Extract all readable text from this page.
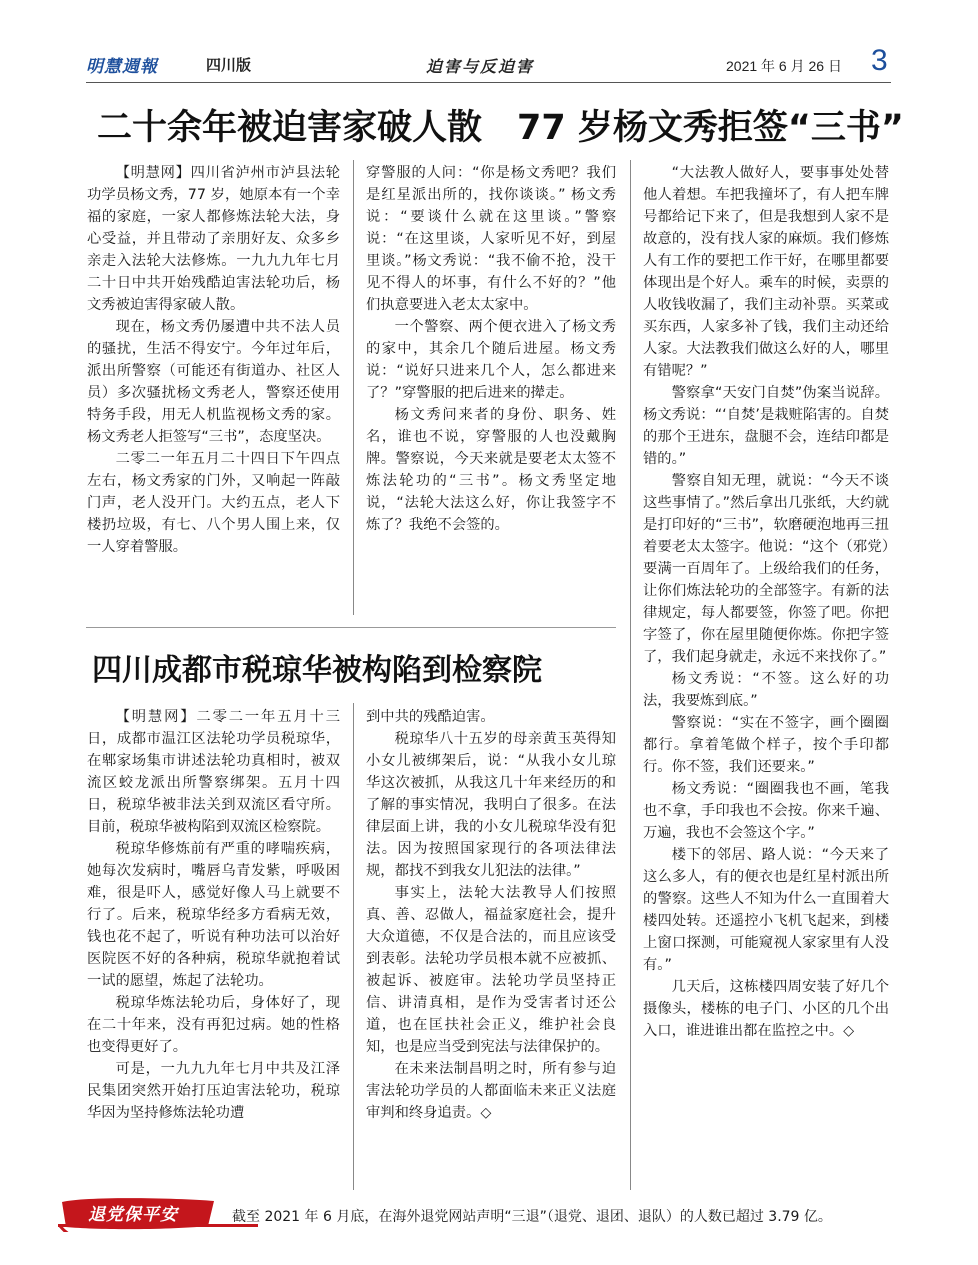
明慧週報	四川版	迫害与反迫害	2021 年 6 月 26 日 3
二十余年被迫害家破人散　77 岁杨文秀拒签“三书”

【明慧网】四川省泸州市泸县法轮功学员杨文秀，77 岁，她原本有一个幸福的家庭，一家人都修炼法轮大法，身心受益，并且带动了亲朋好友、众多乡亲走入法轮大法修炼。一九九九年七月二十日中共开始残酷迫害法轮功后，杨文秀被迫害得家破人散。

现在，杨文秀仍屡遭中共不法人员的骚扰，生活不得安宁。今年过年后，派出所警察（可能还有街道办、社区人员）多次骚扰杨文秀老人，警察还使用特务手段，用无人机监视杨文秀的家。杨文秀老人拒签写“三书”，态度坚决。

二零二一年五月二十四日下午四点左右，杨文秀家的门外，又响起一阵敲门声，老人没开门。大约五点，老人下楼扔垃圾，有七、八个男人围上来，仅一人穿着警服。

穿警服的人问：“你是杨文秀吧？我们是红星派出所的，找你谈谈。” 杨文秀说：“要谈什么就在这里谈。”警察说：“在这里谈，人家听见不好，到屋里谈。”杨文秀说：“我不偷不抢，没干见不得人的坏事，有什么不好的？”他们执意要进入老太太家中。

一个警察、两个便衣进入了杨文秀的家中，其余几个随后进屋。杨文秀说：“说好只进来几个人，怎么都进来了？”穿警服的把后进来的撵走。

杨文秀问来者的身份、职务、姓名，谁也不说，穿警服的人也没戴胸牌。警察说，今天来就是要老太太签不炼法轮功的“三书”。杨文秀坚定地说，“法轮大法这么好，你让我签字不炼了？我绝不会签的。

“大法教人做好人，要事事处处替他人着想。车把我撞坏了，有人把车牌号都给记下来了，但是我想到人家不是故意的，没有找人家的麻烦。我们修炼人有工作的要把工作干好，在哪里都要体现出是个好人。乘车的时候，卖票的人收钱收漏了，我们主动补票。买菜或买东西，人家多补了钱，我们主动还给人家。大法教我们做这么好的人，哪里有错呢？”

警察拿“天安门自焚”伪案当说辞。杨文秀说：“‘自焚’是栽赃陷害的。自焚的那个王进东，盘腿不会，连结印都是错的。”

警察自知无理，就说：“今天不谈这些事情了。”然后拿出几张纸，大约就是打印好的“三书”，软磨硬泡地再三扭着要老太太签字。他说：“这个（邪党）要满一百周年了。上级给我们的任务，让你们炼法轮功的全部签字。有新的法律规定，每人都要签，你签了吧。你把字签了，你在屋里随便你炼。你把字签了，我们起身就走，永远不来找你了。”

杨文秀说：“不签。这么好的功法，我要炼到底。”

警察说：“实在不签字，画个圈圈都行。拿着笔做个样子，按个手印都行。你不签，我们还要来。”

杨文秀说：“圈圈我也不画，笔我也不拿，手印我也不会按。你来千遍、万遍，我也不会签这个字。”

楼下的邻居、路人说：“今天来了这么多人，有的便衣也是红星村派出所的警察。这些人不知为什么一直围着大楼四处转。还遥控小飞机飞起来，到楼上窗口探测，可能窥视人家家里有人没有。”

几天后，这栋楼四周安装了好几个摄像头，楼栋的电子门、小区的几个出入口，谁进谁出都在监控之中。◇

四川成都市税琼华被构陷到检察院

【明慧网】二零二一年五月十三日，成都市温江区法轮功学员税琼华，在郫家场集市讲述法轮功真相时，被双流区蛟龙派出所警察绑架。五月十四日，税琼华被非法关到双流区看守所。目前，税琼华被构陷到双流区检察院。

税琼华修炼前有严重的哮喘疾病，她每次发病时，嘴唇乌青发紫，呼吸困难，很是吓人，感觉好像人马上就要不行了。后来，税琼华经多方看病无效，钱也花不起了，听说有种功法可以治好医院医不好的各种病，税琼华就抱着试一试的愿望，炼起了法轮功。

税琼华炼法轮功后，身体好了，现在二十年来，没有再犯过病。她的性格也变得更好了。

可是，一九九九年七月中共及江泽民集团突然开始打压迫害法轮功，税琼华因为坚持修炼法轮功遭

到中共的残酷迫害。

税琼华八十五岁的母亲黄玉英得知小女儿被绑架后，说：“从我小女儿琼华这次被抓，从我这几十年来经历的和了解的事实情况，我明白了很多。在法律层面上讲，我的小女儿税琼华没有犯法。因为按照国家现行的各项法律法规，都找不到我女儿犯法的法律。”

事实上，法轮大法教导人们按照真、善、忍做人，福益家庭社会，提升大众道德，不仅是合法的，而且应该受到表彰。法轮功学员根本就不应被抓、被起诉、被庭审。法轮功学员坚持正信、讲清真相，是作为受害者讨还公道，也在匡扶社会正义，维护社会良知，也是应当受到宪法与法律保护的。

在未来法制昌明之时，所有参与迫害法轮功学员的人都面临未来正义法庭审判和终身追责。◇

退党保平安	截至 2021 年 6 月底，在海外退党网站声明“三退”（退党、退团、退队）的人数已超过 3.79 亿。
